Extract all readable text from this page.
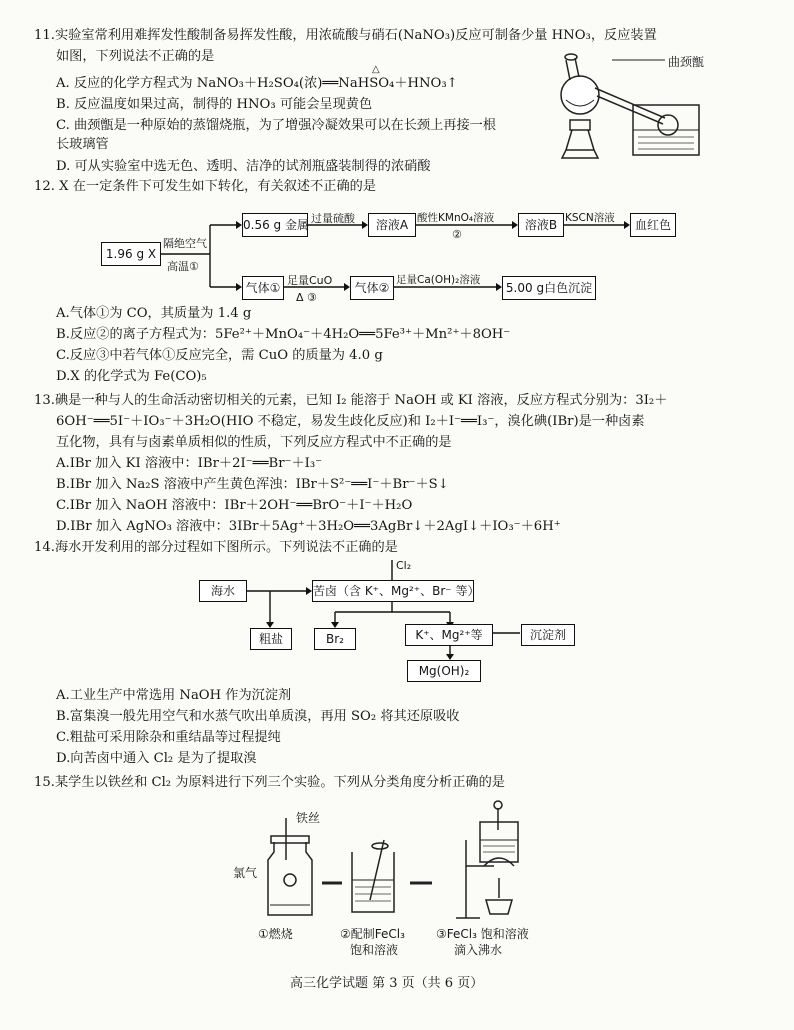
11.实验室常利用难挥发性酸制备易挥发性酸，用浓硫酸与硝石(NaNO₃)反应可制备少量 HNO₃，反应装置
如图，下列说法不正确的是
A. 反应的化学方程式为 NaNO₃＋H₂SO₄(浓)══NaHSO₄＋HNO₃↑
△
B. 反应温度如果过高，制得的 HNO₃ 可能会呈现黄色
C. 曲颈甑是一种原始的蒸馏烧瓶，为了增强冷凝效果可以在长颈上再接一根
长玻璃管
D. 可从实验室中选无色、透明、洁净的试剂瓶盛装制得的浓硝酸
曲颈甑
12. X 在一定条件下可发生如下转化，有关叙述不正确的是
1.96 g X
隔绝空气
高温①
0.56 g 金属 过量硫酸	溶液A 酸性KMnO₄溶液
②
溶液B KSCN溶液	血红色
气体①
足量CuO
Δ ③
气体②
足量Ca(OH)₂溶液
5.00 g白色沉淀
A.气体①为 CO，其质量为 1.4 g
B.反应②的离子方程式为：5Fe²⁺＋MnO₄⁻＋4H₂O══5Fe³⁺＋Mn²⁺＋8OH⁻
C.反应③中若气体①反应完全，需 CuO 的质量为 4.0 g
D.X 的化学式为 Fe(CO)₅
13.碘是一种与人的生命活动密切相关的元素，已知 I₂ 能溶于 NaOH 或 KI 溶液，反应方程式分别为：3I₂＋
6OH⁻══5I⁻＋IO₃⁻＋3H₂O(HIO 不稳定，易发生歧化反应)和 I₂＋I⁻══I₃⁻，溴化碘(IBr)是一种卤素
互化物，具有与卤素单质相似的性质，下列反应方程式中不正确的是
A.IBr 加入 KI 溶液中：IBr＋2I⁻══Br⁻＋I₃⁻
B.IBr 加入 Na₂S 溶液中产生黄色浑浊：IBr＋S²⁻══I⁻＋Br⁻＋S↓
C.IBr 加入 NaOH 溶液中：IBr＋2OH⁻══BrO⁻＋I⁻＋H₂O
D.IBr 加入 AgNO₃ 溶液中：3IBr＋5Ag⁺＋3H₂O══3AgBr↓＋2AgI↓＋IO₃⁻＋6H⁺
14.海水开发利用的部分过程如下图所示。下列说法不正确的是
Cl₂
海水	苦卤（含 K⁺、Mg²⁺、Br⁻ 等）
粗盐	Br₂	K⁺、Mg²⁺等	沉淀剂
Mg(OH)₂
A.工业生产中常选用 NaOH 作为沉淀剂
B.富集溴一般先用空气和水蒸气吹出单质溴，再用 SO₂ 将其还原吸收
C.粗盐可采用除杂和重结晶等过程提纯
D.向苦卤中通入 Cl₂ 是为了提取溴
15.某学生以铁丝和 Cl₂ 为原料进行下列三个实验。下列从分类角度分析正确的是
铁丝
氯气
①燃烧	②配制FeCl₃
饱和溶液
③FeCl₃ 饱和溶液
滴入沸水
高三化学试题 第 3 页（共 6 页）
